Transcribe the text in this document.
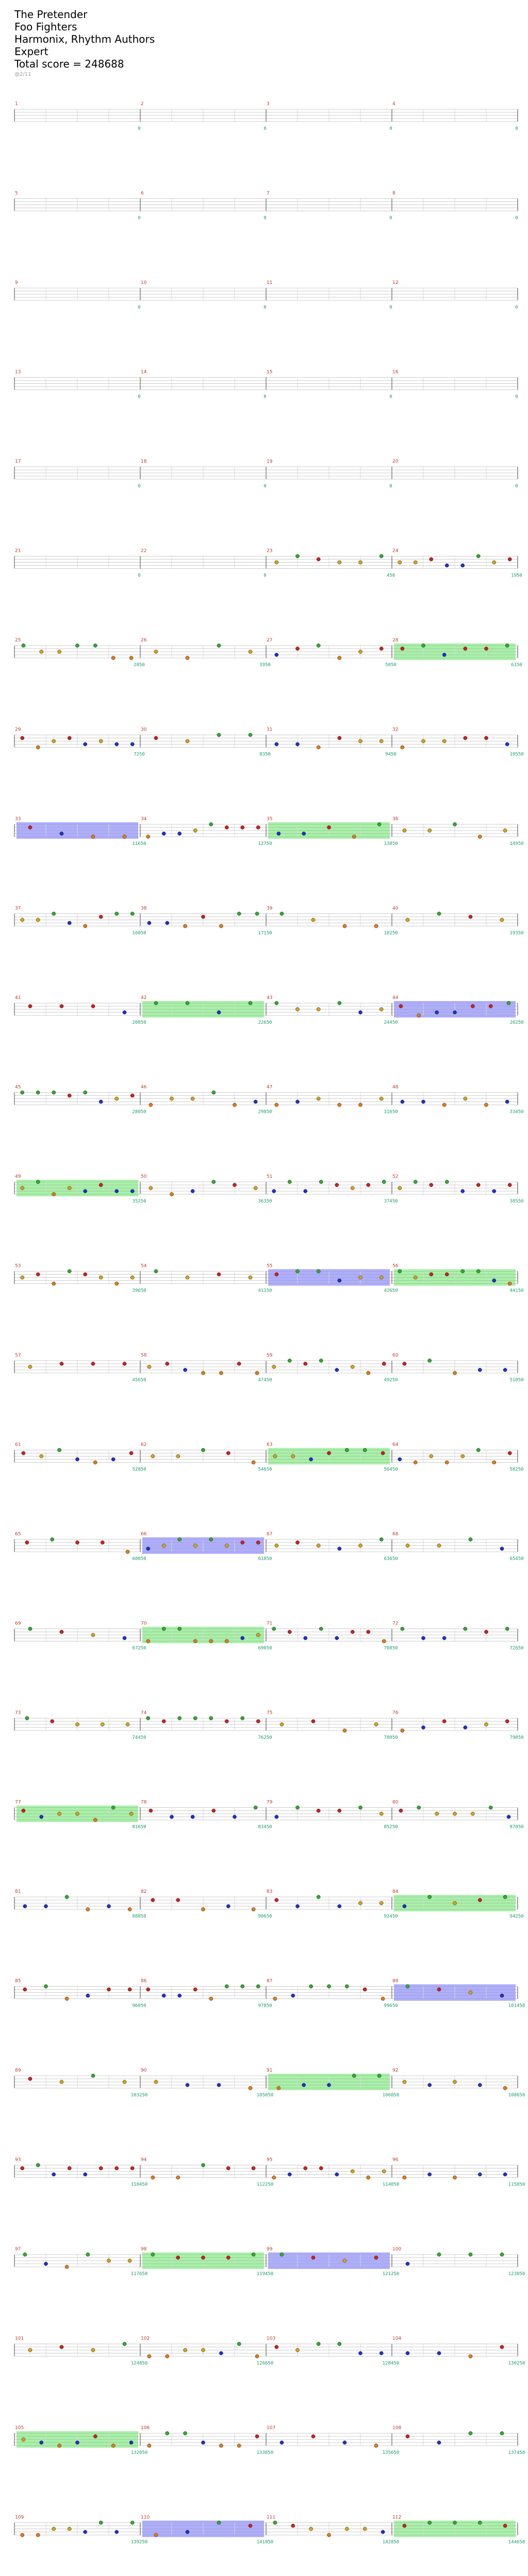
The Pretender
Foo Fighters
Harmonix, Rhythm Authors
Expert
Total score = 248688
@2/11
1
0
2
0
3
0
4
0
5
0
6
0
7
0
8
0
9
0
10
0
11
0
12
0
13
0
14
0
15
0
16
0
17
0
18
0
19
0
20
0
21
0
22
0
23
450
24
1950
25
2850
26
3950
27
5050
28
6150
29
7250
30
8350
31
9450
32
10550
33
11650
34
12750
35
13850
36
14950
37
16050
38
17150
39
18250
40
19350
41
20850
42
22650
43
24450
44
26250
45
28050
46
29850
47
31650
48
33450
49
35250
50
36350
51
37450
52
38550
53
39650
54
41150
55
42650
56
44150
57
45650
58
47450
59
49250
60
51050
61
52850
62
54650
63
56450
64
58250
65
60050
66
61850
67
63650
68
65450
69
67250
70
69050
71
70850
72
72650
73
74450
74
76250
75
78050
76
79850
77
81650
78
83450
79
85250
80
87050
81
88850
82
90650
83
92450
84
94250
85
96050
86
97850
87
99650
88
101450
89
103250
90
105050
91
106850
92
108650
93
110450
94
112250
95
114050
96
115850
97
117650
98
119450
99
121250
100
123050
101
124850
102
126650
103
128450
104
130250
105
132050
106
133850
107
135650
108
137450
109
139250
110
141050
111
142850
112
144650
